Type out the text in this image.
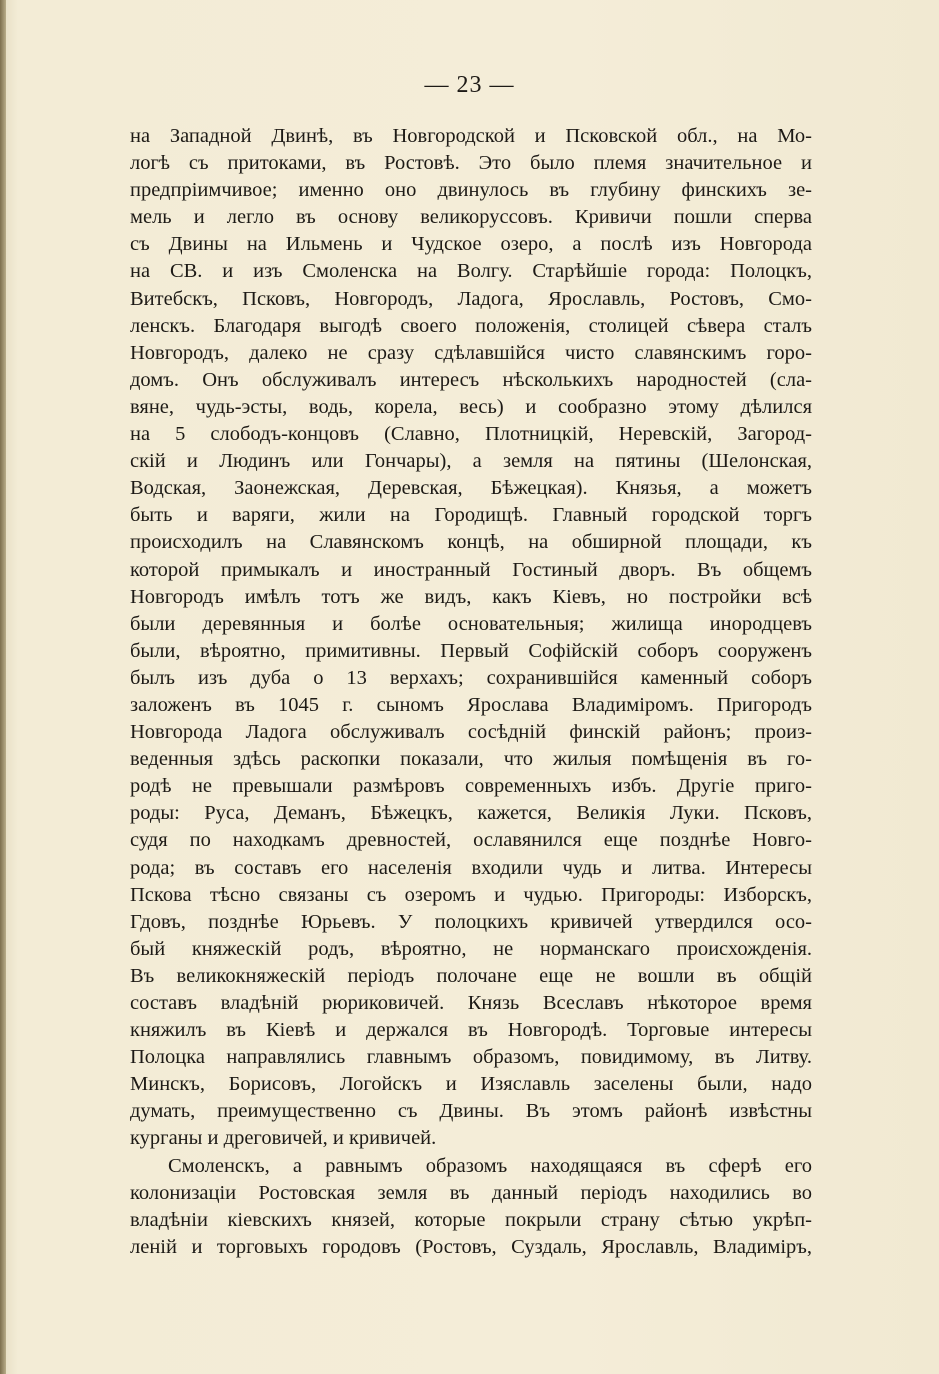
— 23 —
на Западной Двинѣ, въ Новгородской и Псковской обл., на Мо-
логѣ съ притоками, въ Ростовѣ. Это было племя значительное и
предпріимчивое; именно оно двинулось въ глубину финскихъ зе-
мель и легло въ основу великоруссовъ. Кривичи пошли сперва
съ Двины на Ильмень и Чудское озеро, а послѣ изъ Новгорода
на СВ. и изъ Смоленска на Волгу. Старѣйшіе города: Полоцкъ,
Витебскъ, Псковъ, Новгородъ, Ладога, Ярославль, Ростовъ, Смо-
ленскъ. Благодаря выгодѣ своего положенія, столицей сѣвера сталъ
Новгородъ, далеко не сразу сдѣлавшійся чисто славянскимъ горо-
домъ. Онъ обслуживалъ интересъ нѣсколькихъ народностей (сла-
вяне, чудь-эсты, водь, корела, весь) и сообразно этому дѣлился
на 5 слободъ-концовъ (Славно, Плотницкій, Неревскій, Загород-
скій и Людинъ или Гончары), а земля на пятины (Шелонская,
Водская, Заонежская, Деревская, Бѣжецкая). Князья, а можетъ
быть и варяги, жили на Городищѣ. Главный городской торгъ
происходилъ на Славянскомъ концѣ, на обширной площади, къ
которой примыкалъ и иностранный Гостиный дворъ. Въ общемъ
Новгородъ имѣлъ тотъ же видъ, какъ Кіевъ, но постройки всѣ
были деревянныя и болѣе основательныя; жилища инородцевъ
были, вѣроятно, примитивны. Первый Софійскій соборъ сооруженъ
былъ изъ дуба о 13 верхахъ; сохранившійся каменный соборъ
заложенъ въ 1045 г. сыномъ Ярослава Владиміромъ. Пригородъ
Новгорода Ладога обслуживалъ сосѣдній финскій районъ; произ-
веденныя здѣсь раскопки показали, что жилыя помѣщенія въ го-
родѣ не превышали размѣровъ современныхъ избъ. Другіе приго-
роды: Руса, Деманъ, Бѣжецкъ, кажется, Великія Луки. Псковъ,
судя по находкамъ древностей, ославянился еще позднѣе Новго-
рода; въ составъ его населенія входили чудь и литва. Интересы
Пскова тѣсно связаны съ озеромъ и чудью. Пригороды: Изборскъ,
Гдовъ, позднѣе Юрьевъ. У полоцкихъ кривичей утвердился осо-
бый княжескій родъ, вѣроятно, не норманскаго происхожденія.
Въ великокняжескій періодъ полочане еще не вошли въ общій
составъ владѣній рюриковичей. Князь Всеславъ нѣкоторое время
княжилъ въ Кіевѣ и держался въ Новгородѣ. Торговые интересы
Полоцка направлялись главнымъ образомъ, повидимому, въ Литву.
Минскъ, Борисовъ, Логойскъ и Изяславль заселены были, надо
думать, преимущественно съ Двины. Въ этомъ районѣ извѣстны
курганы и дреговичей, и кривичей.
Смоленскъ, а равнымъ образомъ находящаяся въ сферѣ его
колонизаціи Ростовская земля въ данный періодъ находились во
владѣніи кіевскихъ князей, которые покрыли страну сѣтью укрѣп-
леній и торговыхъ городовъ (Ростовъ, Суздаль, Ярославль, Владиміръ,
